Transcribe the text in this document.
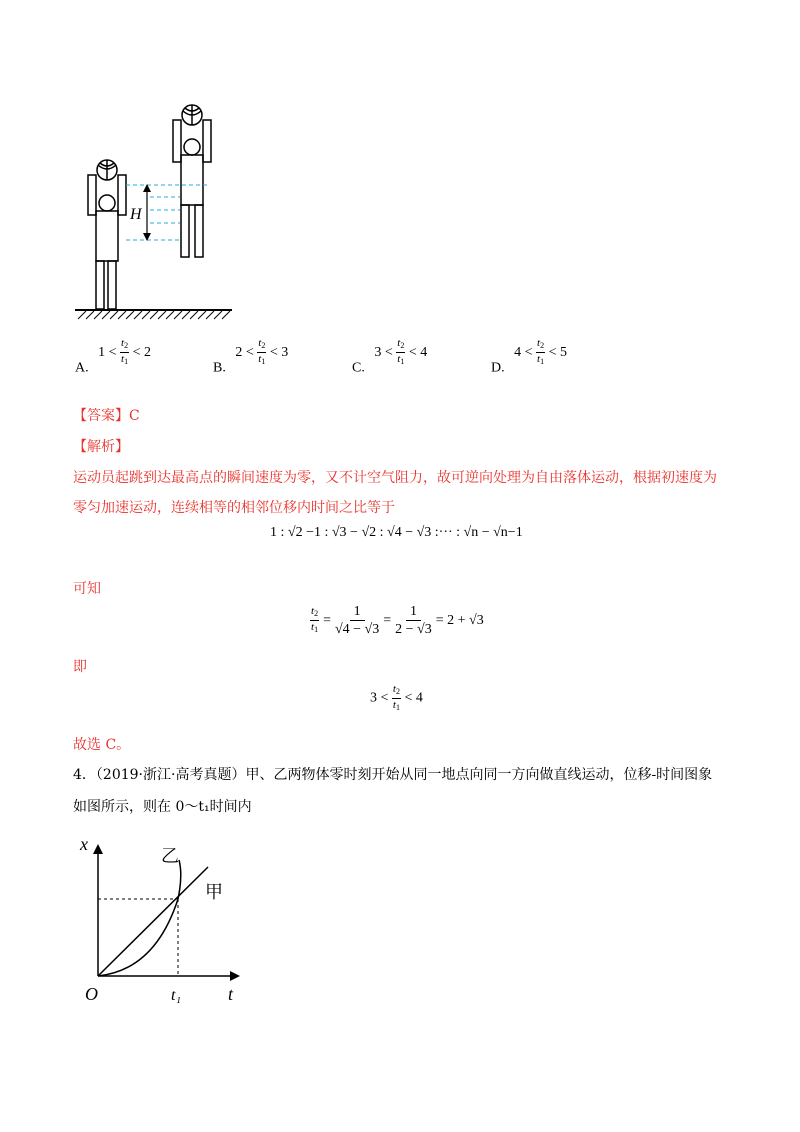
H
A. $1 < \frac{t_2}{t_1} < 2$
B. $2 < \frac{t_2}{t_1} < 3$
C. $3 < \frac{t_2}{t_1} < 4$
D. $4 < \frac{t_2}{t_1} < 5$
【答案】C
【解析】
运动员起跳到达最高点的瞬间速度为零，又不计空气阻力，故可逆向处理为自由落体运动，根据初速度为
零匀加速运动，连续相等的相邻位移内时间之比等于
1 : √2 −1 : √3 − √2 : √4 − √3 :··· : √n − √n−1
可知
$\frac{t_2}{t_1} = \frac{1}{√4 - √3} = \frac{1}{2 - √3} = 2 + √3$
即
$3 < \frac{t_2}{t_1} < 4$
故选 C。
4．（2019·浙江·高考真题）甲、乙两物体零时刻开始从同一地点向同一方向做直线运动，位移-时间图象
如图所示，则在 0～t₁时间内
x
t
O	t₁
甲
乙
